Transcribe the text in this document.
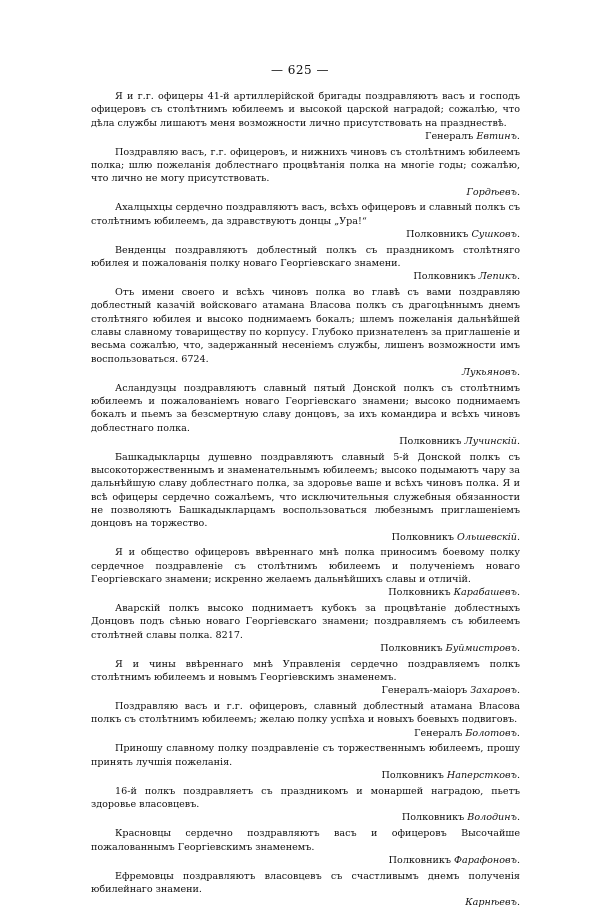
— 625 —
Я и г.г. офицеры 41-й артиллерійской бригады поздравляютъ васъ и господъ офицеровъ съ столѣтнимъ юбилеемъ и высокой царской наградой; сожалѣю, что дѣла службы лишаютъ меня возможности лично присутствовать на празднествѣ.
Генералъ Евтинъ.
Поздравляю васъ, г.г. офицеровъ, и нижнихъ чиновъ съ столѣтнимъ юбилеемъ полка; шлю пожеланія доблестнаго процвѣтанія полка на многіе годы; сожалѣю, что лично не могу присутствовать.
Гордѣевъ.
Ахалцыхцы сердечно поздравляютъ васъ, всѣхъ офицеровъ и славный полкъ съ столѣтнимъ юбилеемъ, да здравствуютъ донцы „Ура!“
Полковникъ Сушковъ.
Венденцы поздравляютъ доблестный полкъ съ праздникомъ столѣтняго юбилея и пожалованія полку новаго Георгіевскаго знамени.
Полковникъ Лепикъ.
Отъ имени своего и всѣхъ чиновъ полка во главѣ съ вами поздравляю доблестный казачій войсковаго атамана Власова полкъ съ драгоцѣннымъ днемъ столѣтняго юбилея и высоко поднимаемъ бокалъ; шлемъ пожеланія дальнѣйшей славы славному товариществу по корпусу. Глубоко признателенъ за приглашеніе и весьма сожалѣю, что, задержанный несеніемъ службы, лишенъ возможности имъ воспользоваться. 6724.
Лукьяновъ.
Асландузцы поздравляютъ славный пятый Донской полкъ съ столѣтнимъ юбилеемъ и пожалованіемъ новаго Георгіевскаго знамени; высоко поднимаемъ бокалъ и пьемъ за безсмертную славу донцовъ, за ихъ командира и всѣхъ чиновъ доблестнаго полка.
Полковникъ Лучинскій.
Башкадыкларцы душевно поздравляютъ славный 5-й Донской полкъ съ высокоторжественнымъ и знаменательнымъ юбилеемъ; высоко подымаютъ чару за дальнѣйшую славу доблестнаго полка, за здоровье ваше и всѣхъ чиновъ полка. Я и всѣ офицеры сердечно сожалѣемъ, что исключительныя служебныя обязанности не позволяютъ Башкадыкларцамъ воспользоваться любезнымъ приглашеніемъ донцовъ на торжество.
Полковникъ Ольшевскій.
Я и общество офицеровъ ввѣреннаго мнѣ полка приносимъ боевому полку сердечное поздравленіе съ столѣтнимъ юбилеемъ и полученіемъ новаго Георгіевскаго знамени; искренно желаемъ дальнѣйшихъ славы и отличій.
Полковникъ Карабашевъ.
Аварскій полкъ высоко поднимаетъ кубокъ за процвѣтаніе доблестныхъ Донцовъ подъ сѣнью новаго Георгіевскаго знамени; поздравляемъ съ юбилеемъ столѣтней славы полка. 8217.
Полковникъ Буймистровъ.
Я и чины ввѣреннаго мнѣ Управленія сердечно поздравляемъ полкъ столѣтнимъ юбилеемъ и новымъ Георгіевскимъ знаменемъ.
Генералъ-маіоръ Захаровъ.
Поздравляю васъ и г.г. офицеровъ, славный доблестный атамана Власова полкъ съ столѣтнимъ юбилеемъ; желаю полку успѣха и новыхъ боевыхъ подвиговъ.
Генералъ Болотовъ.
Приношу славному полку поздравленіе съ торжественнымъ юбилеемъ, прошу принять лучшія пожеланія.
Полковникъ Наперстковъ.
16-й полкъ поздравляетъ съ праздникомъ и монаршей наградою, пьетъ здоровье власовцевъ.
Полковникъ Володинъ.
Красновцы сердечно поздравляютъ васъ и офицеровъ Высочайше пожалованнымъ Георгіевскимъ знаменемъ.
Полковникъ Фарафоновъ.
Ефремовцы поздравляютъ власовцевъ съ счастливымъ днемъ полученія юбилейнаго знамени.
Карнѣевъ.
